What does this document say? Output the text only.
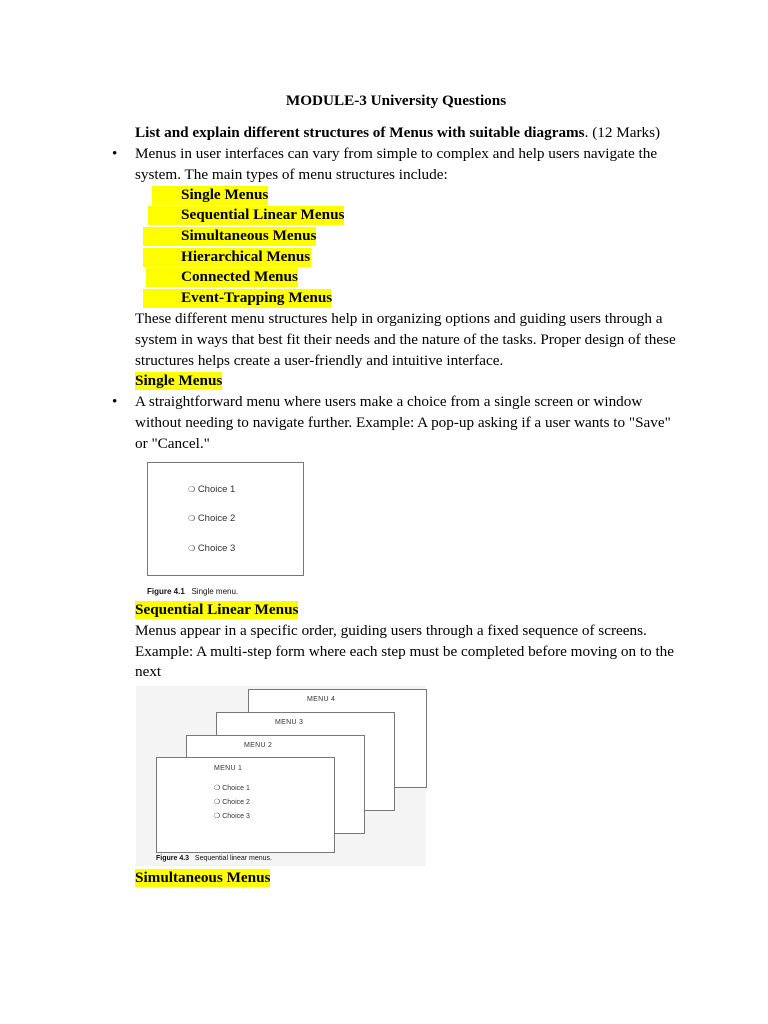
MODULE-3 University Questions
List and explain different structures of Menus with suitable diagrams. (12 Marks)
• Menus in user interfaces can vary from simple to complex and help users navigate the
system. The main types of menu structures include:
Single Menus
Sequential Linear Menus
Simultaneous Menus
Hierarchical Menus
Connected Menus
Event-Trapping Menus
These different menu structures help in organizing options and guiding users through a
system in ways that best fit their needs and the nature of the tasks. Proper design of these
structures helps create a user-friendly and intuitive interface.
Single Menus
• A straightforward menu where users make a choice from a single screen or window
without needing to navigate further. Example: A pop-up asking if a user wants to "Save"
or "Cancel."
❍ Choice 1
❍ Choice 2
❍ Choice 3
Figure 4.1 Single menu.
Sequential Linear Menus
Menus appear in a specific order, guiding users through a fixed sequence of screens.
Example: A multi-step form where each step must be completed before moving on to the
next
MENU 4
MENU 3
MENU 2
MENU 1
❍ Choice 1
❍ Choice 2
❍ Choice 3
Figure 4.3 Sequential linear menus.
Simultaneous Menus
